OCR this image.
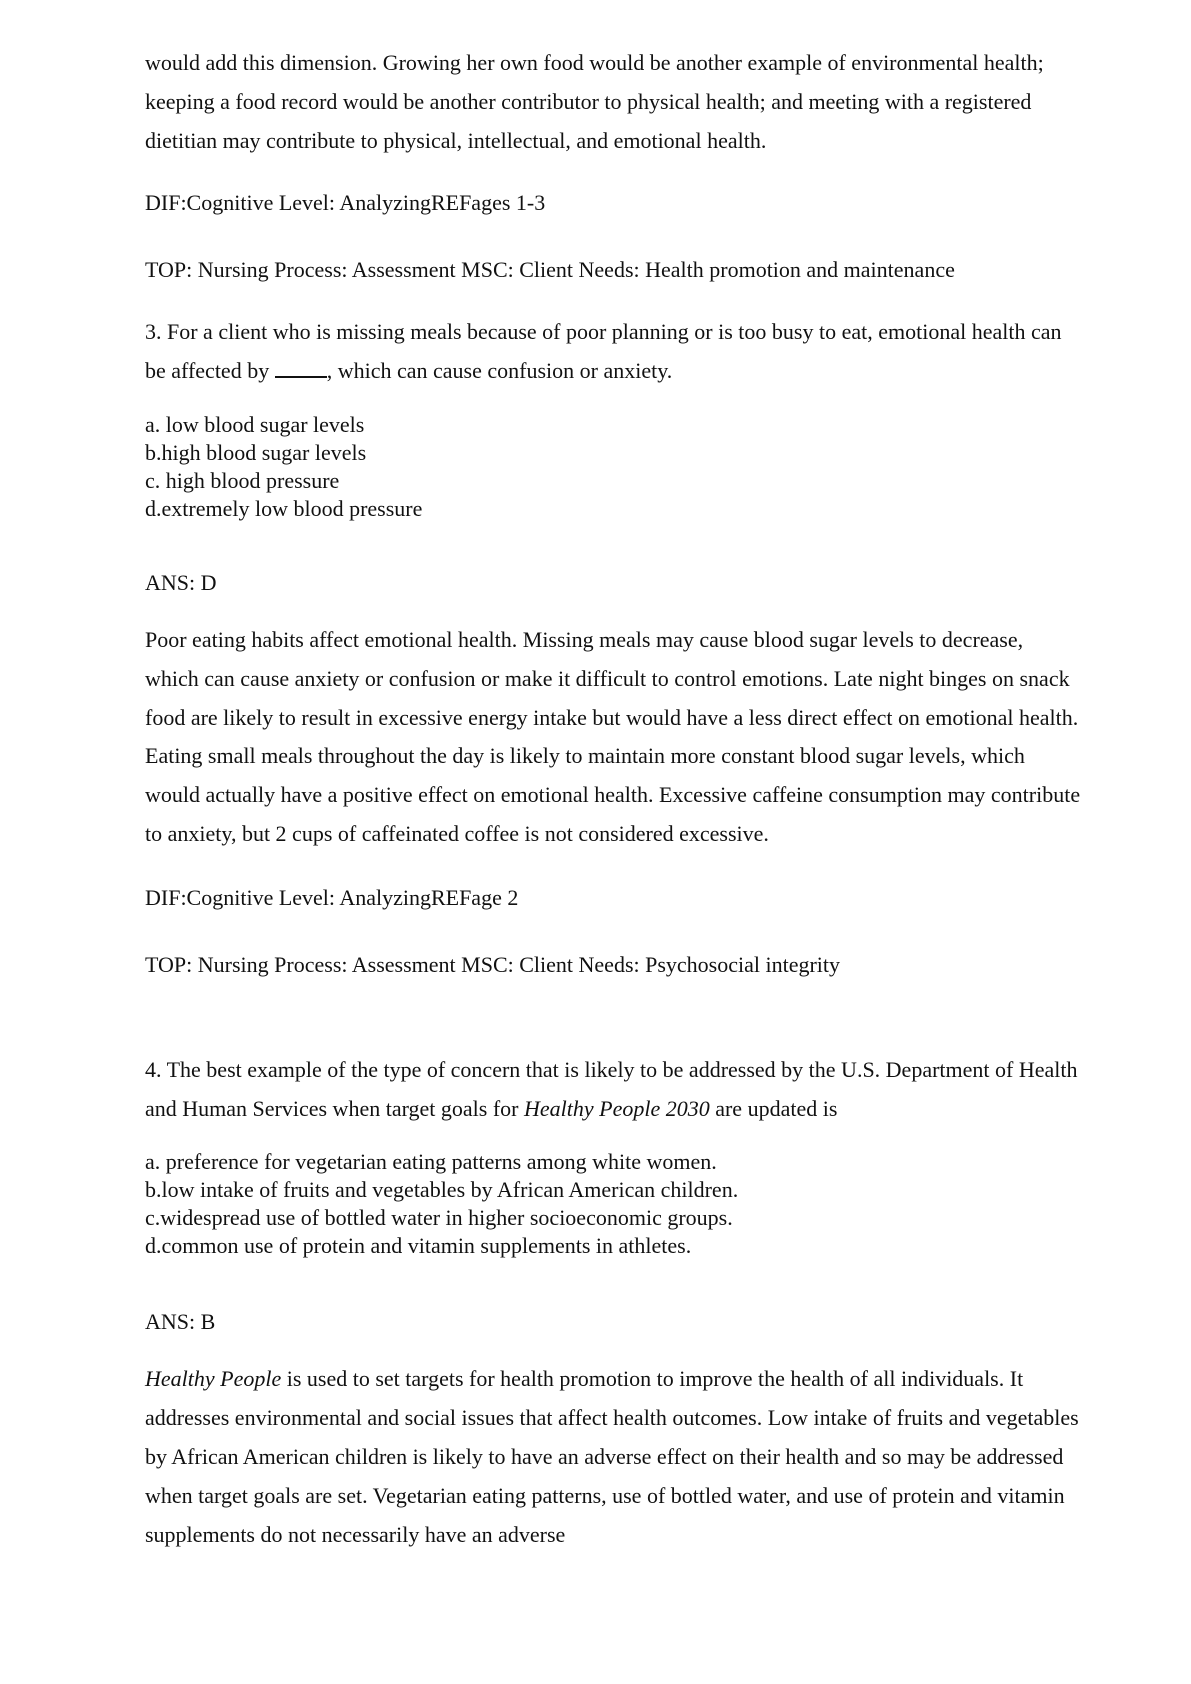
would add this dimension. Growing her own food would be another example of environmental health; keeping a food record would be another contributor to physical health; and meeting with a registered dietitian may contribute to physical, intellectual, and emotional health.

DIF:Cognitive Level: AnalyzingREFages 1-3

TOP: Nursing Process: Assessment MSC: Client Needs: Health promotion and maintenance

3. For a client who is missing meals because of poor planning or is too busy to eat, emotional health can be affected by , which can cause confusion or anxiety.

a. low blood sugar levels
b.high blood sugar levels
c. high blood pressure
d.extremely low blood pressure

ANS: D

Poor eating habits affect emotional health. Missing meals may cause blood sugar levels to decrease, which can cause anxiety or confusion or make it difficult to control emotions. Late night binges on snack food are likely to result in excessive energy intake but would have a less direct effect on emotional health. Eating small meals throughout the day is likely to maintain more constant blood sugar levels, which would actually have a positive effect on emotional health. Excessive caffeine consumption may contribute to anxiety, but 2 cups of caffeinated coffee is not considered excessive.

DIF:Cognitive Level: AnalyzingREFage 2

TOP: Nursing Process: Assessment MSC: Client Needs: Psychosocial integrity

4. The best example of the type of concern that is likely to be addressed by the U.S. Department of Health and Human Services when target goals for Healthy People 2030 are updated is

a. preference for vegetarian eating patterns among white women.
b.low intake of fruits and vegetables by African American children.
c.widespread use of bottled water in higher socioeconomic groups.
d.common use of protein and vitamin supplements in athletes.

ANS: B

Healthy People is used to set targets for health promotion to improve the health of all individuals. It addresses environmental and social issues that affect health outcomes. Low intake of fruits and vegetables by African American children is likely to have an adverse effect on their health and so may be addressed when target goals are set. Vegetarian eating patterns, use of bottled water, and use of protein and vitamin supplements do not necessarily have an adverse
